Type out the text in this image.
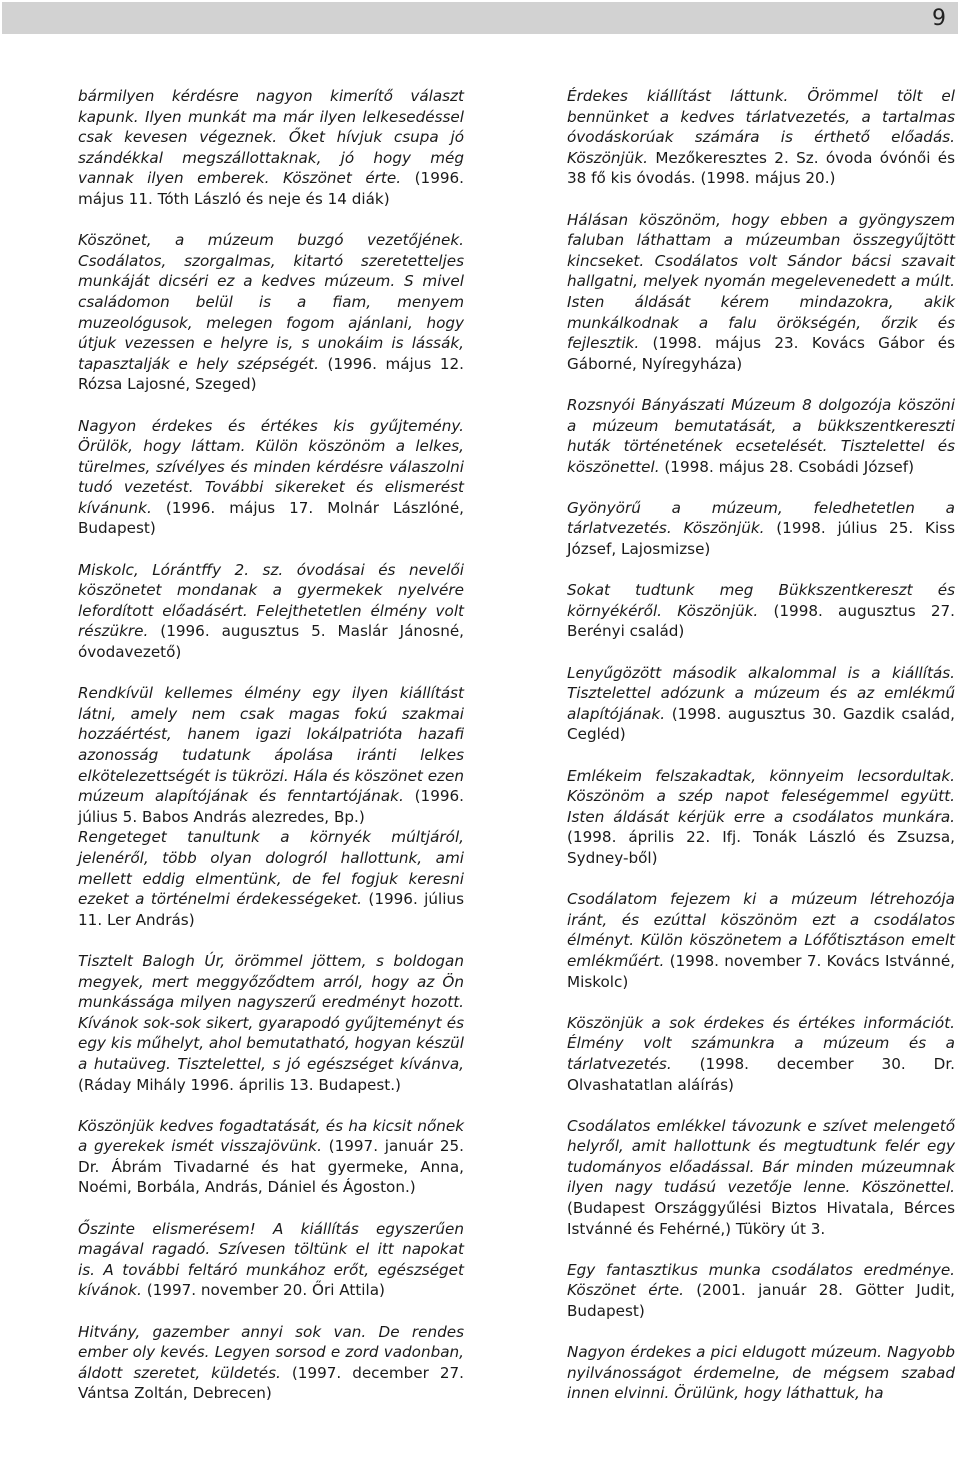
9

bármilyen kérdésre nagyon kimerítő választ kapunk. Ilyen munkát ma már ilyen lelkesedéssel csak kevesen végeznek. Őket hívjuk csupa jó szándékkal megszállottaknak, jó hogy még vannak ilyen emberek. Köszönet érte. (1996. május 11. Tóth László és neje és 14 diák)

Köszönet, a múzeum buzgó vezetőjének. Csodálatos, szorgalmas, kitartó szeretetteljes munkáját dicséri ez a kedves múzeum. S mivel családomon belül is a fiam, menyem muzeológusok, melegen fogom ajánlani, hogy útjuk vezessen e helyre is, s unokáim is lássák, tapasztalják e hely szépségét. (1996. május 12. Rózsa Lajosné, Szeged)

Nagyon érdekes és értékes kis gyűjtemény. Örülök, hogy láttam. Külön köszönöm a lelkes, türelmes, szívélyes és minden kérdésre válaszolni tudó vezetést. További sikereket és elismerést kívánunk. (1996. május 17. Molnár Lászlóné, Budapest)

Miskolc, Lórántffy 2. sz. óvodásai és nevelői köszönetet mondanak a gyermekek nyelvére lefordított előadásért. Felejthetetlen élmény volt részükre. (1996. augusztus 5. Maslár Jánosné, óvodavezető)

Rendkívül kellemes élmény egy ilyen kiállítást látni, amely nem csak magas fokú szakmai hozzáértést, hanem igazi lokálpatrióta hazafi azonosság tudatunk ápolása iránti lelkes elkötelezettségét is tükrözi. Hála és köszönet ezen múzeum alapítójának és fenntartójának. (1996. július 5. Babos András alezredes, Bp.)

Rengeteget tanultunk a környék múltjáról, jelenéről, több olyan dologról hallottunk, ami mellett eddig elmentünk, de fel fogjuk keresni ezeket a történelmi érdekességeket. (1996. július 11. Ler András)

Tisztelt Balogh Úr, örömmel jöttem, s boldogan megyek, mert meggyőződtem arról, hogy az Ön munkássága milyen nagyszerű eredményt hozott. Kívánok sok-sok sikert, gyarapodó gyűjteményt és egy kis műhelyt, ahol bemutatható, hogyan készül a hutaüveg. Tisztelettel, s jó egészséget kívánva, (Ráday Mihály 1996. április 13. Budapest.)

Köszönjük kedves fogadtatását, és ha kicsit nőnek a gyerekek ismét visszajövünk. (1997. január 25. Dr. Ábrám Tivadarné és hat gyermeke, Anna, Noémi, Borbála, András, Dániel és Ágoston.)

Őszinte elismerésem! A kiállítás egyszerűen magával ragadó. Szívesen töltünk el itt napokat is. A további feltáró munkához erőt, egészséget kívánok. (1997. november 20. Őri Attila)

Hitvány, gazember annyi sok van. De rendes ember oly kevés. Legyen sorsod e zord vadonban, áldott szeretet, küldetés. (1997. december 27. Vántsa Zoltán, Debrecen)

Érdekes kiállítást láttunk. Örömmel tölt el bennünket a kedves tárlatvezetés, a tartalmas óvodáskorúak számára is érthető előadás. Köszönjük. Mezőkeresztes 2. Sz. óvoda óvónői és 38 fő kis óvodás. (1998. május 20.)

Hálásan köszönöm, hogy ebben a gyöngyszem faluban láthattam a múzeumban összegyűjtött kincseket. Csodálatos volt Sándor bácsi szavait hallgatni, melyek nyomán megelevenedett a múlt. Isten áldását kérem mindazokra, akik munkálkodnak a falu örökségén, őrzik és fejlesztik. (1998. május 23. Kovács Gábor és Gáborné, Nyíregyháza)

Rozsnyói Bányászati Múzeum 8 dolgozója köszöni a múzeum bemutatását, a bükkszentkereszti huták történetének ecsetelését. Tisztelettel és köszönettel. (1998. május 28. Csobádi József)

Gyönyörű a múzeum, feledhetetlen a tárlatvezetés. Köszönjük. (1998. július 25. Kiss József, Lajosmizse)

Sokat tudtunk meg Bükkszentkereszt és környékéről. Köszönjük. (1998. augusztus 27. Berényi család)

Lenyűgözött második alkalommal is a kiállítás. Tisztelettel adózunk a múzeum és az emlékmű alapítójának. (1998. augusztus 30. Gazdik család, Cegléd)

Emlékeim felszakadtak, könnyeim lecsordultak. Köszönöm a szép napot feleségemmel együtt. Isten áldását kérjük erre a csodálatos munkára. (1998. április 22. Ifj. Tonák László és Zsuzsa, Sydney-ből)

Csodálatom fejezem ki a múzeum létrehozója iránt, és ezúttal köszönöm ezt a csodálatos élményt. Külön köszönetem a Lófőtisztáson emelt emlékműért. (1998. november 7. Kovács Istvánné, Miskolc)

Köszönjük a sok érdekes és értékes információt. Élmény volt számunkra a múzeum és a tárlatvezetés. (1998. december 30. Dr. Olvashatatlan aláírás)

Csodálatos emlékkel távozunk e szívet melengető helyről, amit hallottunk és megtudtunk felér egy tudományos előadással. Bár minden múzeumnak ilyen nagy tudású vezetője lenne. Köszönettel. (Budapest Országgyűlési Biztos Hivatala, Bérces Istvánné és Fehérné,) Tüköry út 3.

Egy fantasztikus munka csodálatos eredménye. Köszönet érte. (2001. január 28. Götter Judit, Budapest)

Nagyon érdekes a pici eldugott múzeum. Nagyobb nyilvánosságot érdemelne, de mégsem szabad innen elvinni. Örülünk, hogy láthattuk, ha
